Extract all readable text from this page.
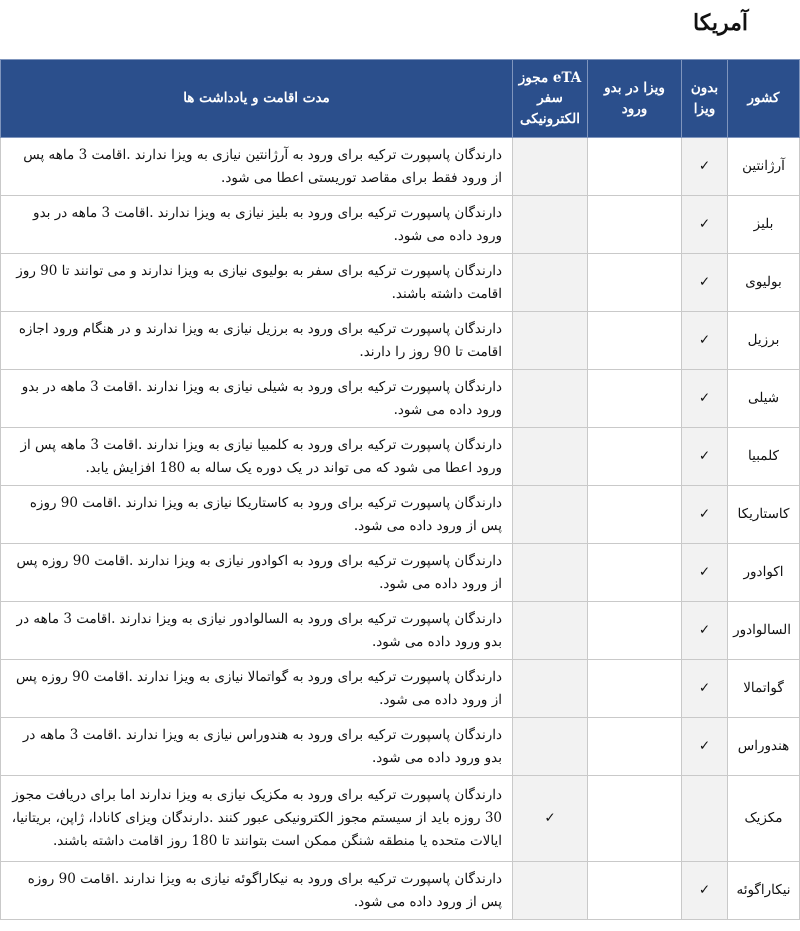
آمریکا
کشور	بدون ویزا	ویزا در بدو ورود	eTA مجوز سفر الکترونیکی	مدت اقامت و یادداشت ها
آرژانتین	✓			دارندگان پاسپورت ترکیه برای ورود به آرژانتین نیازی به ویزا ندارند .اقامت 3 ماهه پس از ورود فقط برای مقاصد توریستی اعطا می شود.
بلیز	✓			دارندگان پاسپورت ترکیه برای ورود به بلیز نیازی به ویزا ندارند .اقامت 3 ماهه در بدو ورود داده می شود.
بولیوی	✓			دارندگان پاسپورت ترکیه برای سفر به بولیوی نیازی به ویزا ندارند و می توانند تا 90 روز اقامت داشته باشند.
برزیل	✓			دارندگان پاسپورت ترکیه برای ورود به برزیل نیازی به ویزا ندارند و در هنگام ورود اجازه اقامت تا 90 روز را دارند.
شیلی	✓			دارندگان پاسپورت ترکیه برای ورود به شیلی نیازی به ویزا ندارند .اقامت 3 ماهه در بدو ورود داده می شود.
کلمبیا	✓			دارندگان پاسپورت ترکیه برای ورود به کلمبیا نیازی به ویزا ندارند .اقامت 3 ماهه پس از ورود اعطا می شود که می تواند در یک دوره یک ساله به 180 افزایش یابد.
کاستاریکا	✓			دارندگان پاسپورت ترکیه برای ورود به کاستاریکا نیازی به ویزا ندارند .اقامت 90 روزه پس از ورود داده می شود.
اکوادور	✓			دارندگان پاسپورت ترکیه برای ورود به اکوادور نیازی به ویزا ندارند .اقامت 90 روزه پس از ورود داده می شود.
السالوادور	✓			دارندگان پاسپورت ترکیه برای ورود به السالوادور نیازی به ویزا ندارند .اقامت 3 ماهه در بدو ورود داده می شود.
گواتمالا	✓			دارندگان پاسپورت ترکیه برای ورود به گواتمالا نیازی به ویزا ندارند .اقامت 90 روزه پس از ورود داده می شود.
هندوراس	✓			دارندگان پاسپورت ترکیه برای ورود به هندوراس نیازی به ویزا ندارند .اقامت 3 ماهه در بدو ورود داده می شود.
مکزیک			✓	دارندگان پاسپورت ترکیه برای ورود به مکزیک نیازی به ویزا ندارند اما برای دریافت مجوز 30 روزه باید از سیستم مجوز الکترونیکی عبور کنند .دارندگان ویزای کانادا، ژاپن، بریتانیا، ایالات متحده یا منطقه شنگن ممکن است بتوانند تا 180 روز اقامت داشته باشند.
نیکاراگوئه	✓			دارندگان پاسپورت ترکیه برای ورود به نیکاراگوئه نیازی به ویزا ندارند .اقامت 90 روزه پس از ورود داده می شود.
